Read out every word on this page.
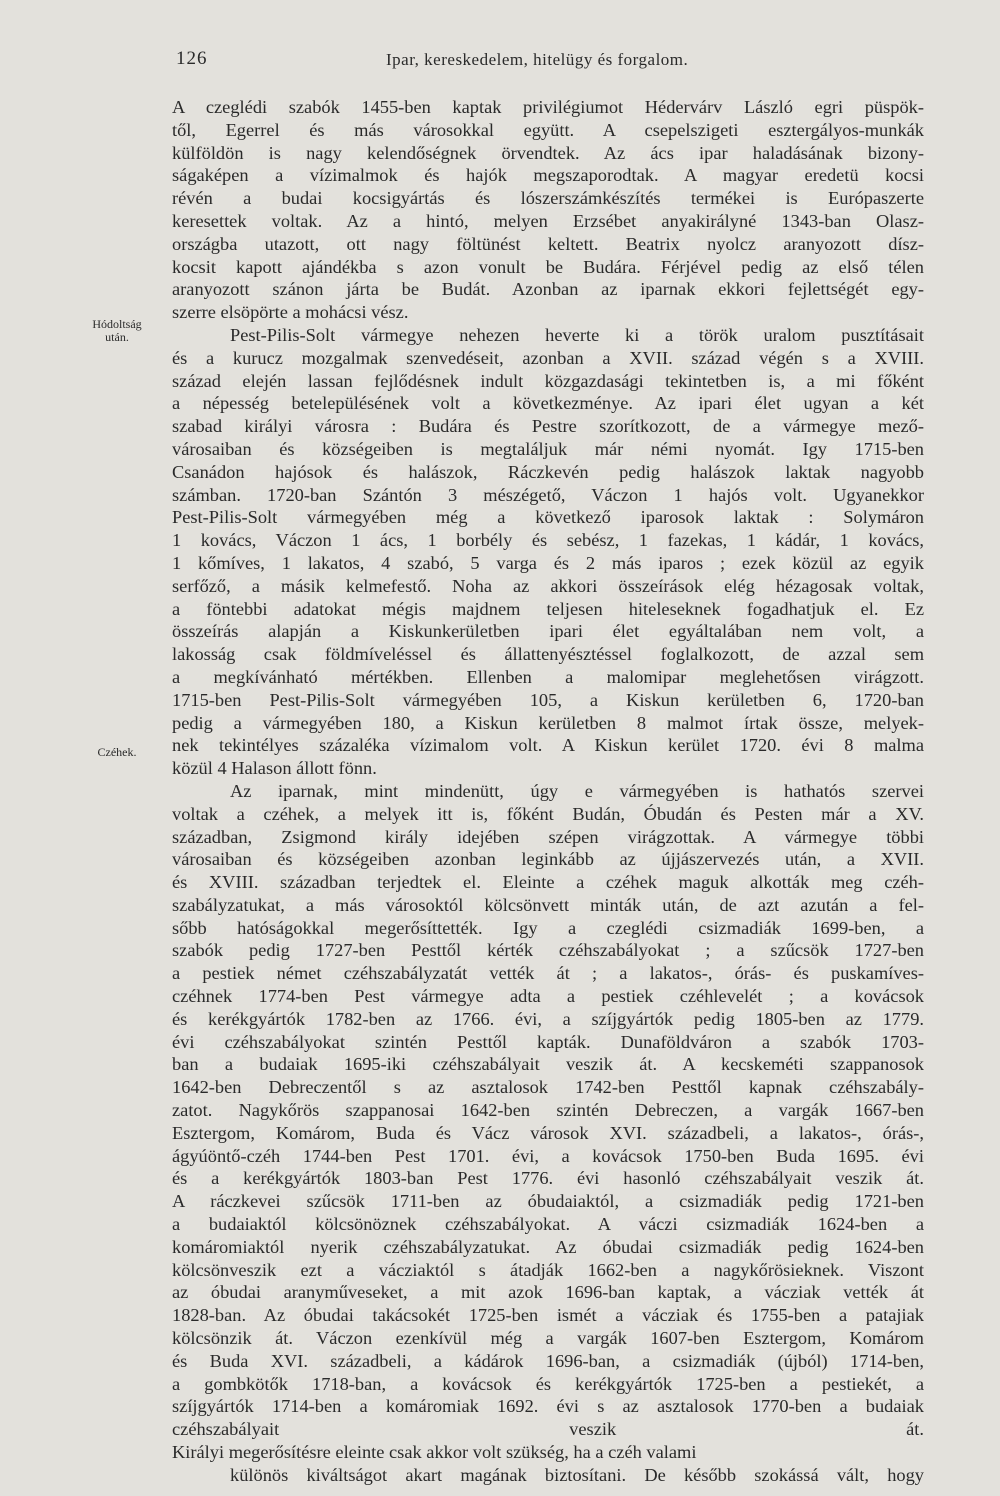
126	Ipar, kereskedelem, hitelügy és forgalom.
Hódoltság
után.
Czéhek.
A czeglédi szabók 1455-ben kaptak privilégiumot Hédervárv László egri püspök-
től, Egerrel és más városokkal együtt. A csepelszigeti esztergályos-munkák
külföldön is nagy kelendőségnek örvendtek. Az ács ipar haladásának bizony-
ságaképen a vízimalmok és hajók megszaporodtak. A magyar eredetü kocsi
révén a budai kocsigyártás és lószerszámkészítés termékei is Európaszerte
keresettek voltak. Az a hintó, melyen Erzsébet anyakirályné 1343-ban Olasz-
országba utazott, ott nagy föltünést keltett. Beatrix nyolcz aranyozott dísz-
kocsit kapott ajándékba s azon vonult be Budára. Férjével pedig az első télen
aranyozott szánon járta be Budát. Azonban az iparnak ekkori fejlettségét egy-
szerre elsöpörte a mohácsi vész.
Pest-Pilis-Solt vármegye nehezen heverte ki a török uralom pusztításait
és a kurucz mozgalmak szenvedéseit, azonban a XVII. század végén s a XVIII.
század elején lassan fejlődésnek indult közgazdasági tekintetben is, a mi főként
a népesség betelepülésének volt a következménye. Az ipari élet ugyan a két
szabad királyi városra : Budára és Pestre szorítkozott, de a vármegye mező-
városaiban és községeiben is megtaláljuk már némi nyomát. Igy 1715-ben
Csanádon hajósok és halászok, Ráczkevén pedig halászok laktak nagyobb
számban. 1720-ban Szántón 3 mészégető, Váczon 1 hajós volt. Ugyanekkor
Pest-Pilis-Solt vármegyében még a következő iparosok laktak : Solymáron
1 kovács, Váczon 1 ács, 1 borbély és sebész, 1 fazekas, 1 kádár, 1 kovács,
1 kőmíves, 1 lakatos, 4 szabó, 5 varga és 2 más iparos ; ezek közül az egyik
serfőző, a másik kelmefestő. Noha az akkori összeírások elég hézagosak voltak,
a föntebbi adatokat mégis majdnem teljesen hiteleseknek fogadhatjuk el. Ez
összeírás alapján a Kiskunkerületben ipari élet egyáltalában nem volt, a
lakosság csak földmíveléssel és állattenyésztéssel foglalkozott, de azzal sem
a megkívánható mértékben. Ellenben a malomipar meglehetősen virágzott.
1715-ben Pest-Pilis-Solt vármegyében 105, a Kiskun kerületben 6, 1720-ban
pedig a vármegyében 180, a Kiskun kerületben 8 malmot írtak össze, melyek-
nek tekintélyes százaléka vízimalom volt. A Kiskun kerület 1720. évi 8 malma
közül 4 Halason állott fönn.
Az iparnak, mint mindenütt, úgy e vármegyében is hathatós szervei
voltak a czéhek, a melyek itt is, főként Budán, Óbudán és Pesten már a XV.
században, Zsigmond király idejében szépen virágzottak. A vármegye többi
városaiban és községeiben azonban leginkább az újjászervezés után, a XVII.
és XVIII. században terjedtek el. Eleinte a czéhek maguk alkották meg czéh-
szabályzatukat, a más városoktól kölcsönvett minták után, de azt azután a fel-
sőbb hatóságokkal megerősíttették. Igy a czeglédi csizmadiák 1699-ben, a
szabók pedig 1727-ben Pesttől kérték czéhszabályokat ; a szűcsök 1727-ben
a pestiek német czéhszabályzatát vették át ; a lakatos-, órás- és puskamíves-
czéhnek 1774-ben Pest vármegye adta a pestiek czéhlevelét ; a kovácsok
és kerékgyártók 1782-ben az 1766. évi, a szíjgyártók pedig 1805-ben az 1779.
évi czéhszabályokat szintén Pesttől kapták. Dunaföldváron a szabók 1703-
ban a budaiak 1695-iki czéhszabályait veszik át. A kecskeméti szappanosok
1642-ben Debreczentől s az asztalosok 1742-ben Pesttől kapnak czéhszabály-
zatot. Nagykőrös szappanosai 1642-ben szintén Debreczen, a vargák 1667-ben
Esztergom, Komárom, Buda és Vácz városok XVI. századbeli, a lakatos-, órás-,
ágyúöntő-czéh 1744-ben Pest 1701. évi, a kovácsok 1750-ben Buda 1695. évi
és a kerékgyártók 1803-ban Pest 1776. évi hasonló czéhszabályait veszik át.
A ráczkevei szűcsök 1711-ben az óbudaiaktól, a csizmadiák pedig 1721-ben
a budaiaktól kölcsönöznek czéhszabályokat. A váczi csizmadiák 1624-ben a
komáromiaktól nyerik czéhszabályzatukat. Az óbudai csizmadiák pedig 1624-ben
kölcsönveszik ezt a vácziaktól s átadják 1662-ben a nagykőrösieknek. Viszont
az óbudai aranyműveseket, a mit azok 1696-ban kaptak, a vácziak vették át
1828-ban. Az óbudai takácsokét 1725-ben ismét a vácziak és 1755-ben a patajiak
kölcsönzik át. Váczon ezenkívül még a vargák 1607-ben Esztergom, Komárom
és Buda XVI. századbeli, a kádárok 1696-ban, a csizmadiák (újból) 1714-ben,
a gombkötők 1718-ban, a kovácsok és kerékgyártók 1725-ben a pestiekét, a
szíjgyártók 1714-ben a komáromiak 1692. évi s az asztalosok 1770-ben a budaiak
czéhszabályait veszik át.
Királyi megerősítésre eleinte csak akkor volt szükség, ha a czéh valami
különös kiváltságot akart magának biztosítani. De később szokássá vált, hogy
